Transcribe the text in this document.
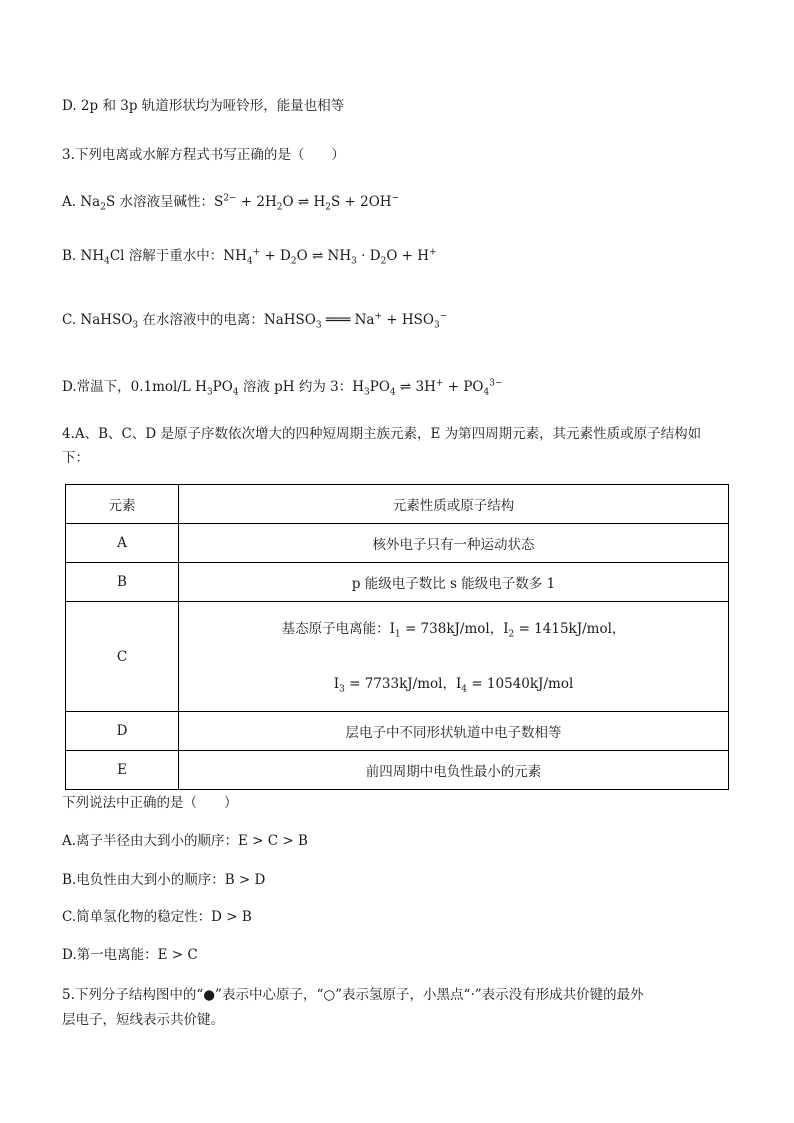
D. 2p 和 3p 轨道形状均为哑铃形，能量也相等
3.下列电离或水解方程式书写正确的是（　　）
A. $Na_2S$ 水溶液呈碱性：$S^{2-} + 2H_2O$ ⇌ $H_2S + 2OH^-$
B. $NH_4Cl$ 溶解于重水中：$NH_4^+ + D_2O$ ⇌ $NH_3 \cdot D_2O + H^+$
C. NaHSO$_3$ 在水溶液中的电离：NaHSO$_3$ ═══ $Na^+ + HSO_3^-$
D.常温下，0.1mol/L $H_3PO_4$ 溶液 pH 约为 3：$H_3PO_4$ ⇌ $3H^+ + PO_4^{3-}$
4.A、B、C、D 是原子序数依次增大的四种短周期主族元素，E 为第四周期元素，其元素性质或原子结构如
下：
元素	元素性质或原子结构
A	核外电子只有一种运动状态
B	p 能级电子数比 s 能级电子数多 1
C	基态原子电离能：$I_1 = 738kJ/mol$，$I_2 = 1415kJ/mol$，
$I_3 = 7733kJ/mol$，$I_4 = 10540kJ/mol$

D	层电子中不同形状轨道中电子数相等
E	前四周期中电负性最小的元素
下列说法中正确的是（　　）
A.离子半径由大到小的顺序：E > C > B
B.电负性由大到小的顺序：B > D
C.简单氢化物的稳定性：D > B
D.第一电离能：E > C
5.下列分子结构图中的“●”表示中心原子，“○”表示氢原子，小黑点“·”表示没有形成共价键的最外
层电子，短线表示共价键。
